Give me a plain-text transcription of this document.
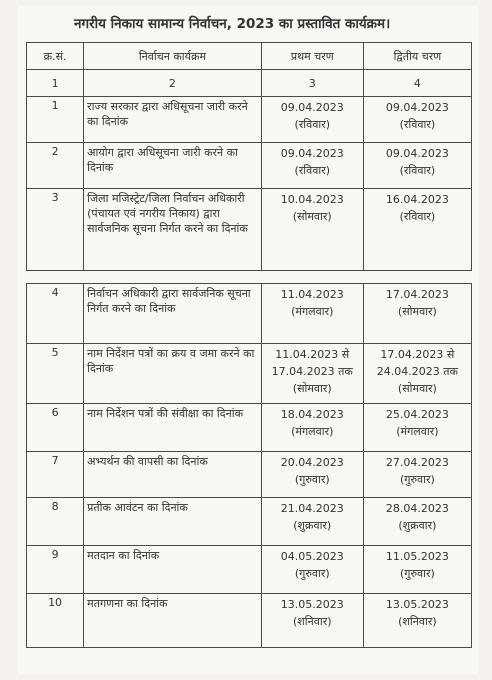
नगरीय निकाय सामान्य निर्वाचन, 2023 का प्रस्तावित कार्यक्रम।
क्र.सं.	निर्वाचन कार्यक्रम	प्रथम चरण	द्वितीय चरण
1	2	3	4
1	राज्य सरकार द्वारा अधिसूचना जारी करने का दिनांक	09.04.2023 (रविवार)	09.04.2023 (रविवार)
2	आयोग द्वारा अधिसूचना जारी करने का दिनांक	09.04.2023 (रविवार)	09.04.2023 (रविवार)
3	जिला मजिस्ट्रेट/जिला निर्वाचन अधिकारी (पंचायत एवं नगरीय निकाय) द्वारा सार्वजनिक सूचना निर्गत करने का दिनांक	10.04.2023 (सोमवार)	16.04.2023 (रविवार)

4	निर्वाचन अधिकारी द्वारा सार्वजनिक सूचना निर्गत करने का दिनांक	11.04.2023 (मंगलवार)	17.04.2023 (सोमवार)
5	नाम निर्देशन पत्रों का क्रय व जमा करने का दिनांक	11.04.2023 से 17.04.2023 तक (सोमवार)	17.04.2023 से 24.04.2023 तक (सोमवार)
6	नाम निर्देशन पत्रों की संवीक्षा का दिनांक	18.04.2023 (मंगलवार)	25.04.2023 (मंगलवार)
7	अभ्यर्थन की वापसी का दिनांक	20.04.2023 (गुरुवार)	27.04.2023 (गुरुवार)
8	प्रतीक आवंटन का दिनांक	21.04.2023 (शुक्रवार)	28.04.2023 (शुक्रवार)
9	मतदान का दिनांक	04.05.2023 (गुरुवार)	11.05.2023 (गुरुवार)
10	मतगणना का दिनांक	13.05.2023 (शनिवार)	13.05.2023 (शनिवार)
